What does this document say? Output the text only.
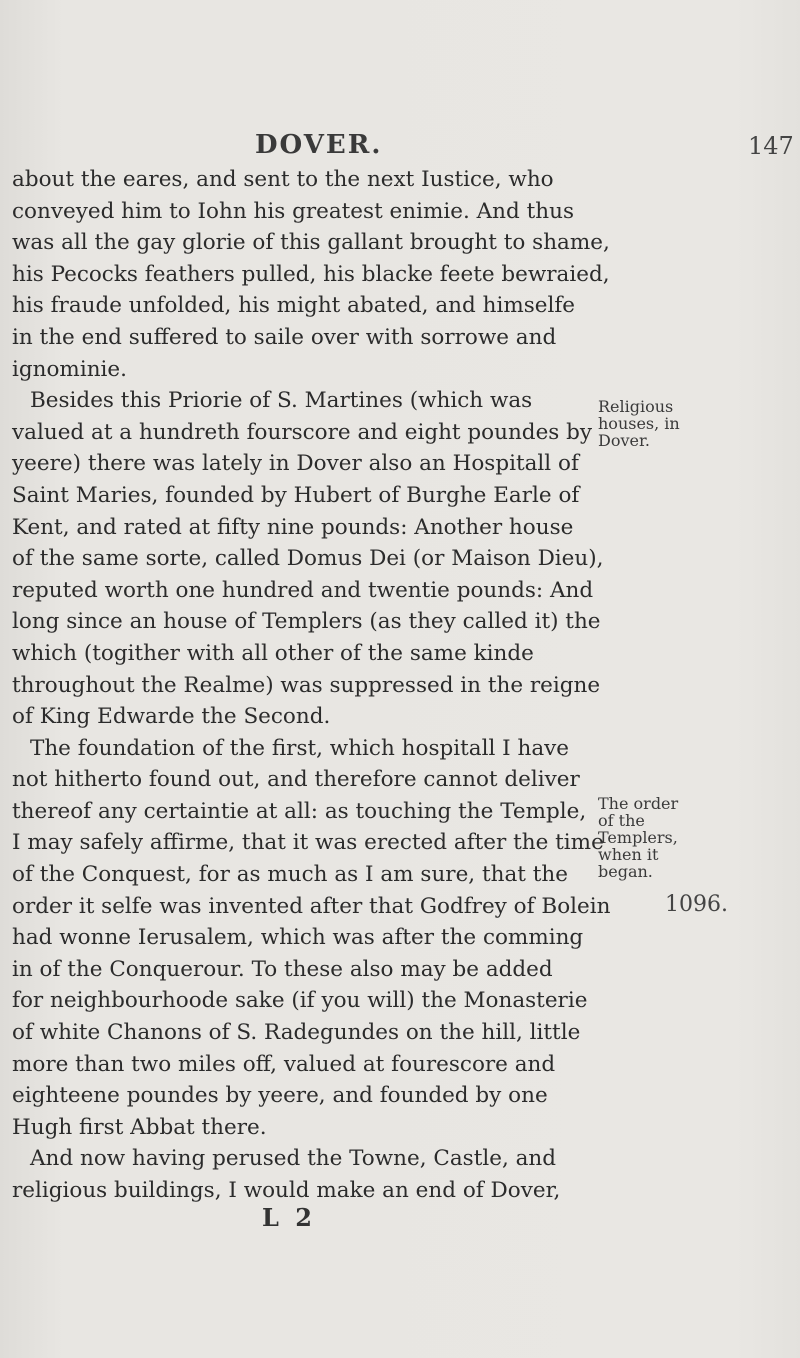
DOVER.	147
about the eares, and sent to the next Iustice, who
conveyed him to Iohn his greatest enimie. And thus
was all the gay glorie of this gallant brought to shame,
his Pecocks feathers pulled, his blacke feete bewraied,
his fraude unfolded, his might abated, and himselfe
in the end suffered to saile over with sorrowe and
ignominie.
Besides this Priorie of S. Martines (which was
valued at a hundreth fourscore and eight poundes by
yeere) there was lately in Dover also an Hospitall of
Saint Maries, founded by Hubert of Burghe Earle of
Kent, and rated at fifty nine pounds: Another house
of the same sorte, called Domus Dei (or Maison Dieu),
reputed worth one hundred and twentie pounds: And
long since an house of Templers (as they called it) the
which (togither with all other of the same kinde
throughout the Realme) was suppressed in the reigne
of King Edwarde the Second.
The foundation of the first, which hospitall I have
not hitherto found out, and therefore cannot deliver
thereof any certaintie at all: as touching the Temple,
I may safely affirme, that it was erected after the time
of the Conquest, for as much as I am sure, that the
order it selfe was invented after that Godfrey of Bolein
had wonne Ierusalem, which was after the comming
in of the Conquerour. To these also may be added
for neighbourhoode sake (if you will) the Monasterie
of white Chanons of S. Radegundes on the hill, little
more than two miles off, valued at fourescore and
eighteene poundes by yeere, and founded by one
Hugh first Abbat there.
And now having perused the Towne, Castle, and
religious buildings, I would make an end of Dover,
Religious
houses, in
Dover.
The order
of the
Templers,
when it
began.
1096.
L 2
